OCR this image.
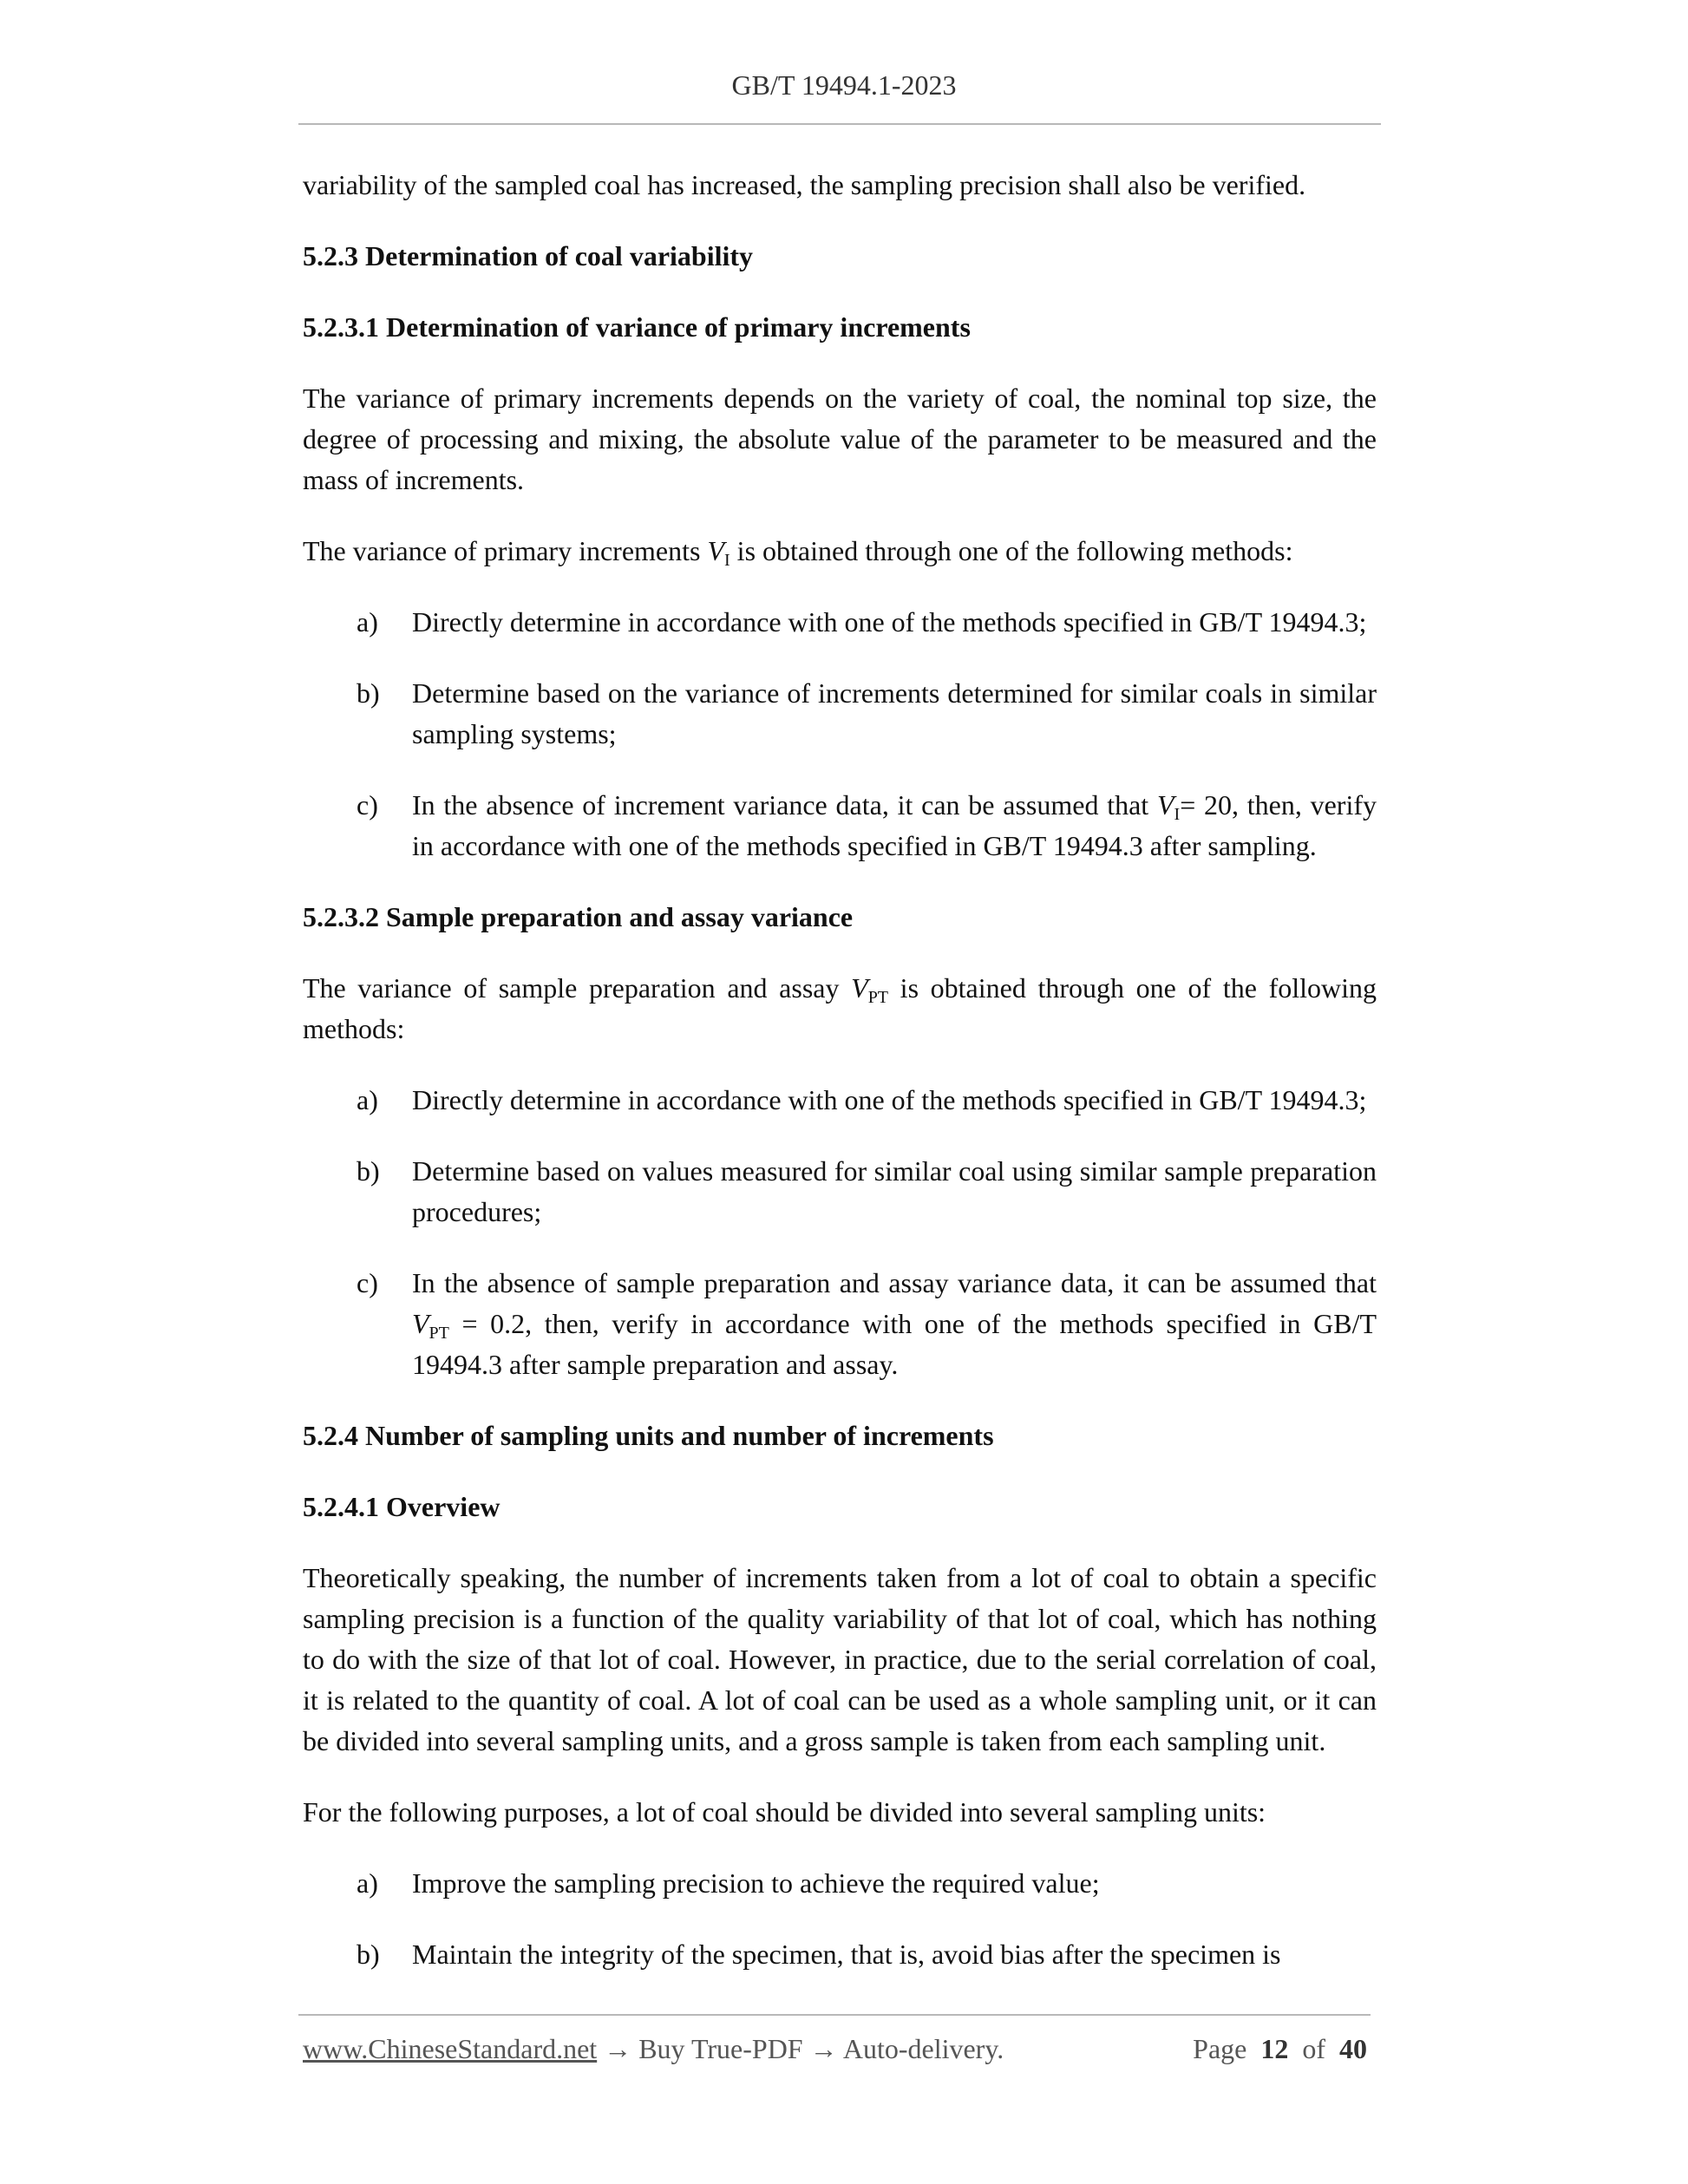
GB/T 19494.1-2023

variability of the sampled coal has increased, the sampling precision shall also be verified.

5.2.3 Determination of coal variability
5.2.3.1 Determination of variance of primary increments

The variance of primary increments depends on the variety of coal, the nominal top size, the degree of processing and mixing, the absolute value of the parameter to be measured and the mass of increments.

The variance of primary increments $V_I$ is obtained through one of the following methods:

a) Directly determine in accordance with one of the methods specified in GB/T 19494.3;
b) Determine based on the variance of increments determined for similar coals in similar sampling systems;
c) In the absence of increment variance data, it can be assumed that $V_I= 20$, then, verify in accordance with one of the methods specified in GB/T 19494.3 after sampling.
5.2.3.2 Sample preparation and assay variance

The variance of sample preparation and assay $V_{PT}$ is obtained through one of the following methods:

a) Directly determine in accordance with one of the methods specified in GB/T 19494.3;
b) Determine based on values measured for similar coal using similar sample preparation procedures;
c) In the absence of sample preparation and assay variance data, it can be assumed that $V_{PT} = 0.2$, then, verify in accordance with one of the methods specified in GB/T 19494.3 after sample preparation and assay.
5.2.4 Number of sampling units and number of increments
5.2.4.1 Overview

Theoretically speaking, the number of increments taken from a lot of coal to obtain a specific sampling precision is a function of the quality variability of that lot of coal, which has nothing to do with the size of that lot of coal. However, in practice, due to the serial correlation of coal, it is related to the quantity of coal. A lot of coal can be used as a whole sampling unit, or it can be divided into several sampling units, and a gross sample is taken from each sampling unit.

For the following purposes, a lot of coal should be divided into several sampling units:

a) Improve the sampling precision to achieve the required value;
b) Maintain the integrity of the specimen, that is, avoid bias after the specimen is
www.ChineseStandard.net → Buy True-PDF → Auto-delivery.	Page 12 of 40
